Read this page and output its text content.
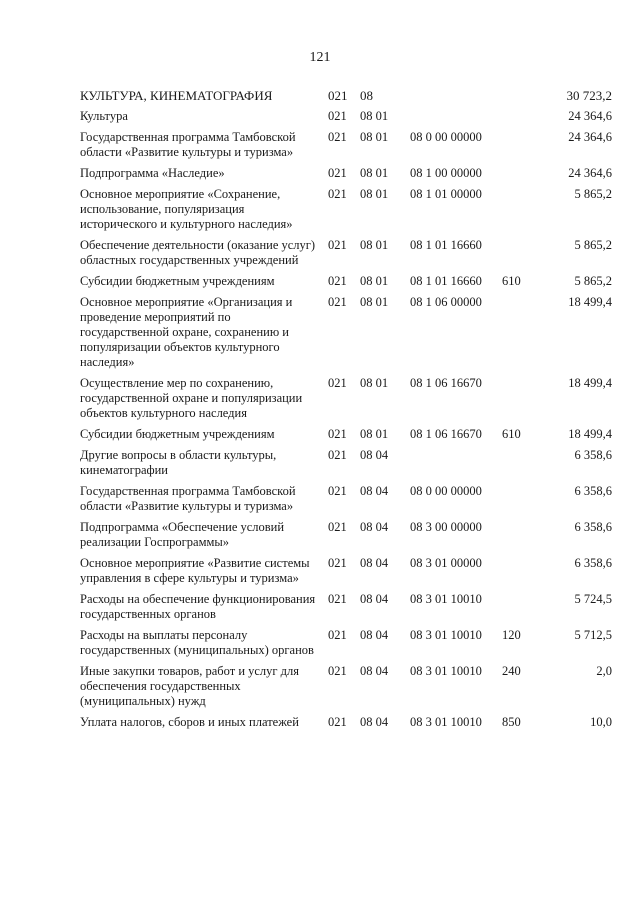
121
КУЛЬТУРА, КИНЕМАТОГРАФИЯ	021	08			30 723,2
Культура	021	08 01			24 364,6
Государственная программа Тамбовской области «Развитие культуры и туризма»	021	08 01	08 0 00 00000		24 364,6
Подпрограмма «Наследие»	021	08 01	08 1 00 00000		24 364,6
Основное мероприятие «Сохранение, использование, популяризация исторического и культурного наследия»	021	08 01	08 1 01 00000		5 865,2
Обеспечение деятельности (оказание услуг) областных государственных учреждений	021	08 01	08 1 01 16660		5 865,2
Субсидии бюджетным учреждениям	021	08 01	08 1 01 16660	610	5 865,2
Основное мероприятие «Организация и проведение мероприятий по государственной охране, сохранению и популяризации объектов культурного наследия»	021	08 01	08 1 06 00000		18 499,4
Осуществление мер по сохранению, государственной охране и популяризации объектов культурного наследия	021	08 01	08 1 06 16670		18 499,4
Субсидии бюджетным учреждениям	021	08 01	08 1 06 16670	610	18 499,4
Другие вопросы в области культуры, кинематографии	021	08 04			6 358,6
Государственная программа Тамбовской области «Развитие культуры и туризма»	021	08 04	08 0 00 00000		6 358,6
Подпрограмма «Обеспечение условий реализации Госпрограммы»	021	08 04	08 3 00 00000		6 358,6
Основное мероприятие «Развитие системы управления в сфере культуры и туризма»	021	08 04	08 3 01 00000		6 358,6
Расходы на обеспечение функционирования государственных органов	021	08 04	08 3 01 10010		5 724,5
Расходы на выплаты персоналу государственных (муниципальных) органов	021	08 04	08 3 01 10010	120	5 712,5
Иные закупки товаров, работ и услуг для обеспечения государственных (муниципальных) нужд	021	08 04	08 3 01 10010	240	2,0
Уплата налогов, сборов и иных платежей	021	08 04	08 3 01 10010	850	10,0
